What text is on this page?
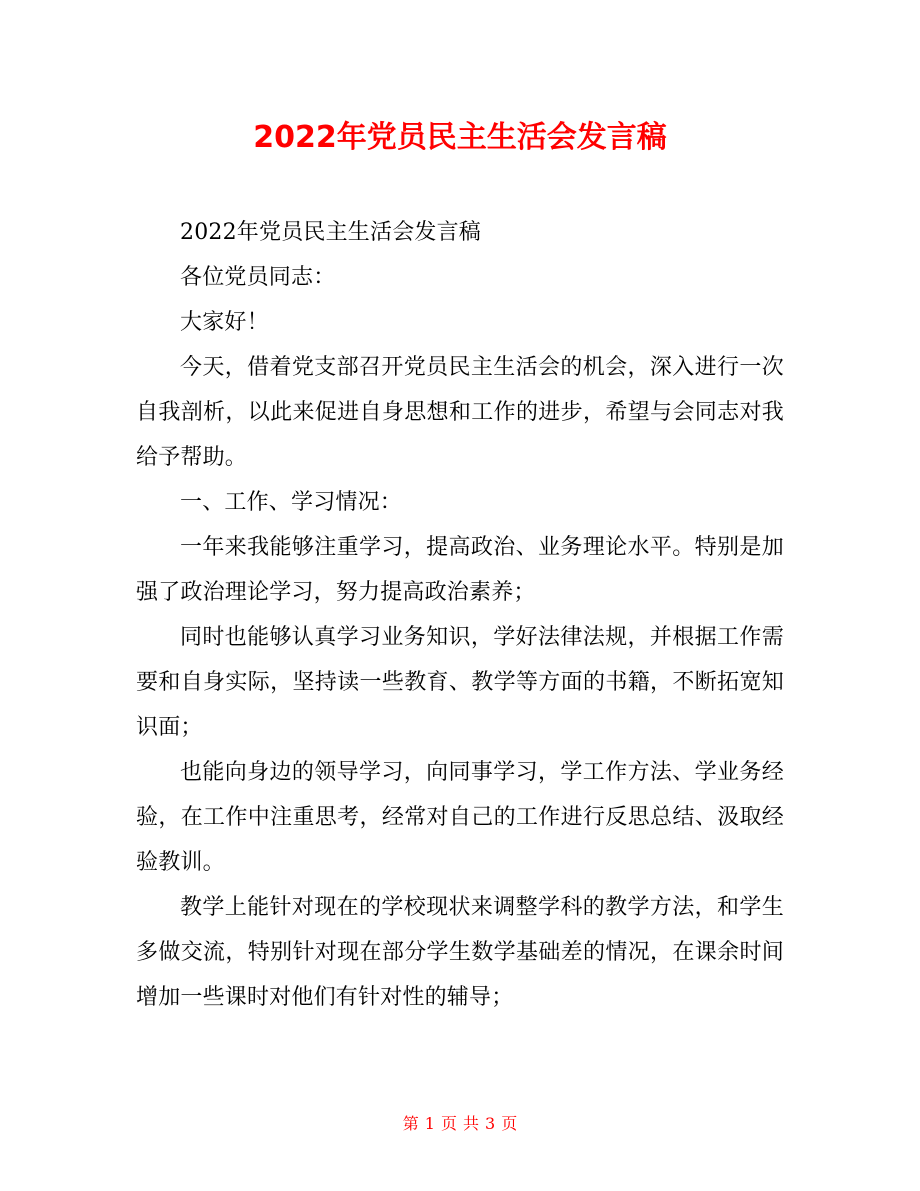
2022年党员民主生活会发言稿

2022年党员民主生活会发言稿

各位党员同志：

大家好！

今天，借着党支部召开党员民主生活会的机会，深入进行一次自我剖析，以此来促进自身思想和工作的进步，希望与会同志对我给予帮助。

一、工作、学习情况：

一年来我能够注重学习，提高政治、业务理论水平。特别是加强了政治理论学习，努力提高政治素养；

同时也能够认真学习业务知识，学好法律法规，并根据工作需要和自身实际，坚持读一些教育、教学等方面的书籍，不断拓宽知识面；

也能向身边的领导学习，向同事学习，学工作方法、学业务经验，在工作中注重思考，经常对自己的工作进行反思总结、汲取经验教训。

教学上能针对现在的学校现状来调整学科的教学方法，和学生多做交流，特别针对现在部分学生数学基础差的情况，在课余时间增加一些课时对他们有针对性的辅导；

第 1 页 共 3 页
